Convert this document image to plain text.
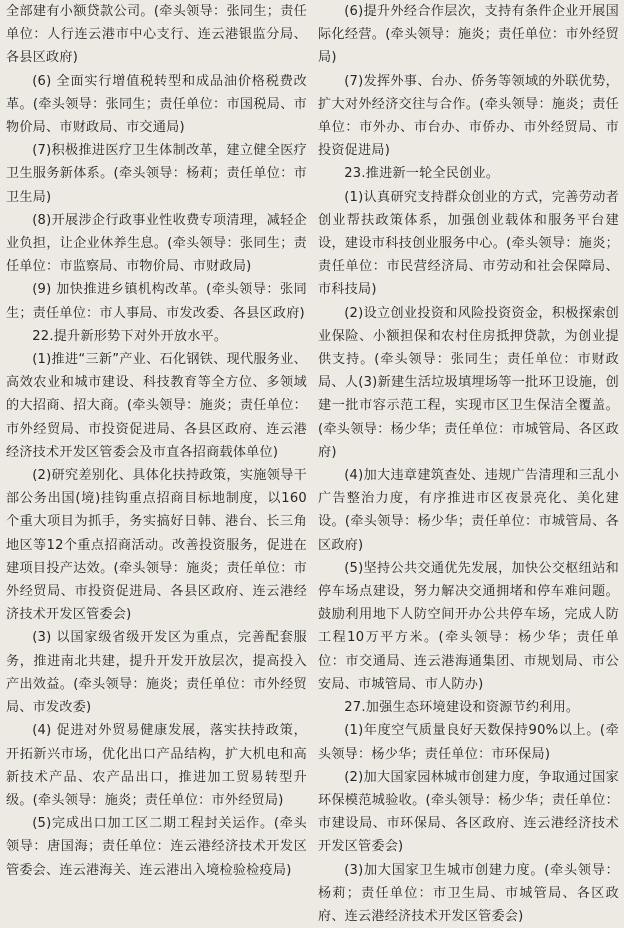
全部建有小额贷款公司。(牵头领导：张同生；责任单位：人行连云港市中心支行、连云港银监分局、各县区政府)

(6) 全面实行增值税转型和成品油价格税费改革。(牵头领导：张同生；责任单位：市国税局、市物价局、市财政局、市交通局)

(7)积极推进医疗卫生体制改革，建立健全医疗卫生服务新体系。(牵头领导：杨莉；责任单位：市卫生局)

(8)开展涉企行政事业性收费专项清理，减轻企业负担，让企业休养生息。(牵头领导：张同生；责任单位：市监察局、市物价局、市财政局)

(9) 加快推进乡镇机构改革。(牵头领导：张同生；责任单位：市人事局、市发改委、各县区政府)

22.提升新形势下对外开放水平。

(1)推进“三新”产业、石化钢铁、现代服务业、高效农业和城市建设、科技教育等全方位、多领域的大招商、招大商。(牵头领导：施炎；责任单位：市外经贸局、市投资促进局、各县区政府、连云港经济技术开发区管委会及市直各招商载体单位)

(2)研究差别化、具体化扶持政策，实施领导干部公务出国(境)挂钩重点招商目标地制度，以160个重大项目为抓手，务实搞好日韩、港台、长三角地区等12个重点招商活动。改善投资服务，促进在建项目投产达效。(牵头领导：施炎；责任单位：市外经贸局、市投资促进局、各县区政府、连云港经济技术开发区管委会)

(3) 以国家级省级开发区为重点，完善配套服务，推进南北共建，提升开发开放层次，提高投入产出效益。(牵头领导：施炎；责任单位：市外经贸局、市发改委)

(4) 促进对外贸易健康发展，落实扶持政策，开拓新兴市场，优化出口产品结构，扩大机电和高新技术产品、农产品出口，推进加工贸易转型升级。(牵头领导：施炎；责任单位：市外经贸局)

(5)完成出口加工区二期工程封关运作。(牵头领导：唐国海；责任单位：连云港经济技术开发区管委会、连云港海关、连云港出入境检验检疫局)

(6)提升外经合作层次，支持有条件企业开展国际化经营。(牵头领导：施炎；责任单位：市外经贸局)

(7)发挥外事、台办、侨务等领域的外联优势，扩大对外经济交往与合作。(牵头领导：施炎；责任单位：市外办、市台办、市侨办、市外经贸局、市投资促进局)

23.推进新一轮全民创业。

(1)认真研究支持群众创业的方式，完善劳动者创业帮扶政策体系，加强创业载体和服务平台建设，建设市科技创业服务中心。(牵头领导：施炎；责任单位：市民营经济局、市劳动和社会保障局、市科技局)

(2)设立创业投资和风险投资资金，积极探索创业保险、小额担保和农村住房抵押贷款，为创业提供支持。(牵头领导：张同生；责任单位：市财政局、人(3)新建生活垃圾填埋场等一批环卫设施，创建一批市容示范工程，实现市区卫生保洁全覆盖。(牵头领导：杨少华；责任单位：市城管局、各区政府)

(4)加大违章建筑查处、违规广告清理和三乱小广告整治力度，有序推进市区夜景亮化、美化建设。(牵头领导：杨少华；责任单位：市城管局、各区政府)

(5)坚持公共交通优先发展，加快公交枢纽站和停车场点建设，努力解决交通拥堵和停车难问题。鼓励利用地下人防空间开办公共停车场，完成人防工程10万平方米。(牵头领导：杨少华；责任单位：市交通局、连云港海通集团、市规划局、市公安局、市城管局、市人防办)

27.加强生态环境建设和资源节约利用。

(1)年度空气质量良好天数保持90%以上。(牵头领导：杨少华；责任单位：市环保局)

(2)加大国家园林城市创建力度，争取通过国家环保模范城验收。(牵头领导：杨少华；责任单位：市建设局、市环保局、各区政府、连云港经济技术开发区管委会)

(3)加大国家卫生城市创建力度。(牵头领导：杨莉；责任单位：市卫生局、市城管局、各区政府、连云港经济技术开发区管委会)
